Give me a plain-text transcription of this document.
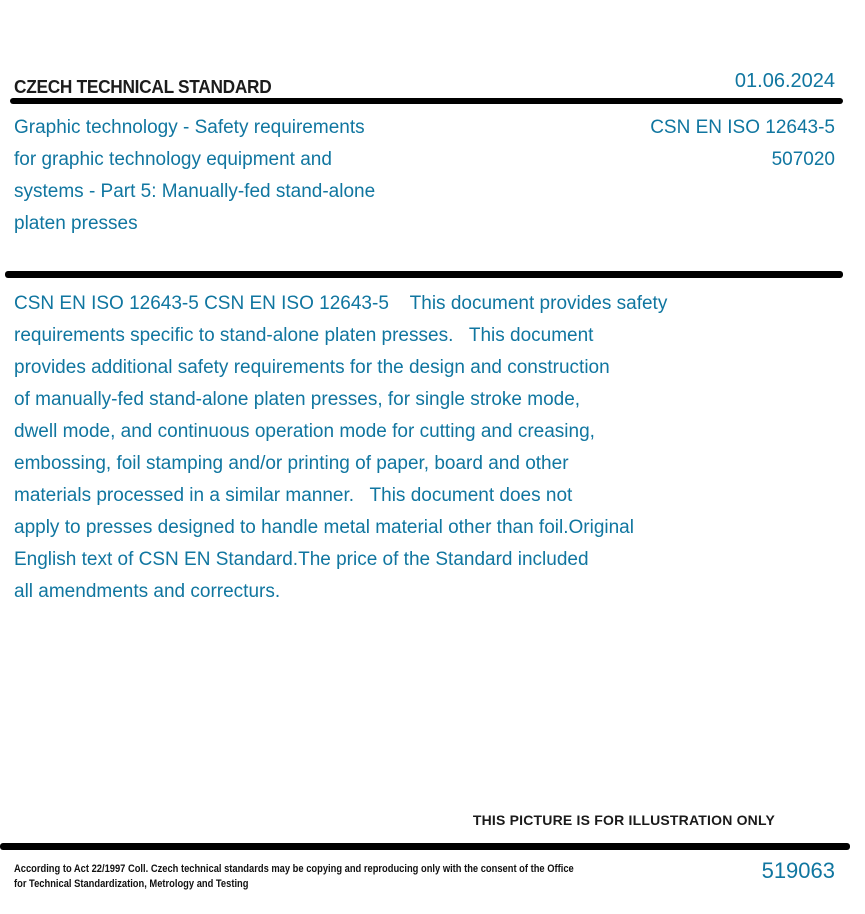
CZECH TECHNICAL STANDARD	01.06.2024
Graphic technology - Safety requirements
for graphic technology equipment and
systems - Part 5: Manually-fed stand-alone
platen presses
CSN EN ISO 12643-5
507020
CSN EN ISO 12643-5 CSN EN ISO 12643-5    This document provides safety
requirements specific to stand-alone platen presses.   This document
provides additional safety requirements for the design and construction
of manually-fed stand-alone platen presses, for single stroke mode,
dwell mode, and continuous operation mode for cutting and creasing,
embossing, foil stamping and/or printing of paper, board and other
materials processed in a similar manner.   This document does not
apply to presses designed to handle metal material other than foil.Original
English text of CSN EN Standard.The price of the Standard included
all amendments and correcturs.
THIS PICTURE IS FOR ILLUSTRATION ONLY
According to Act 22/1997 Coll. Czech technical standards may be copying and reproducing only with the consent of the Office
for Technical Standardization, Metrology and Testing
519063
